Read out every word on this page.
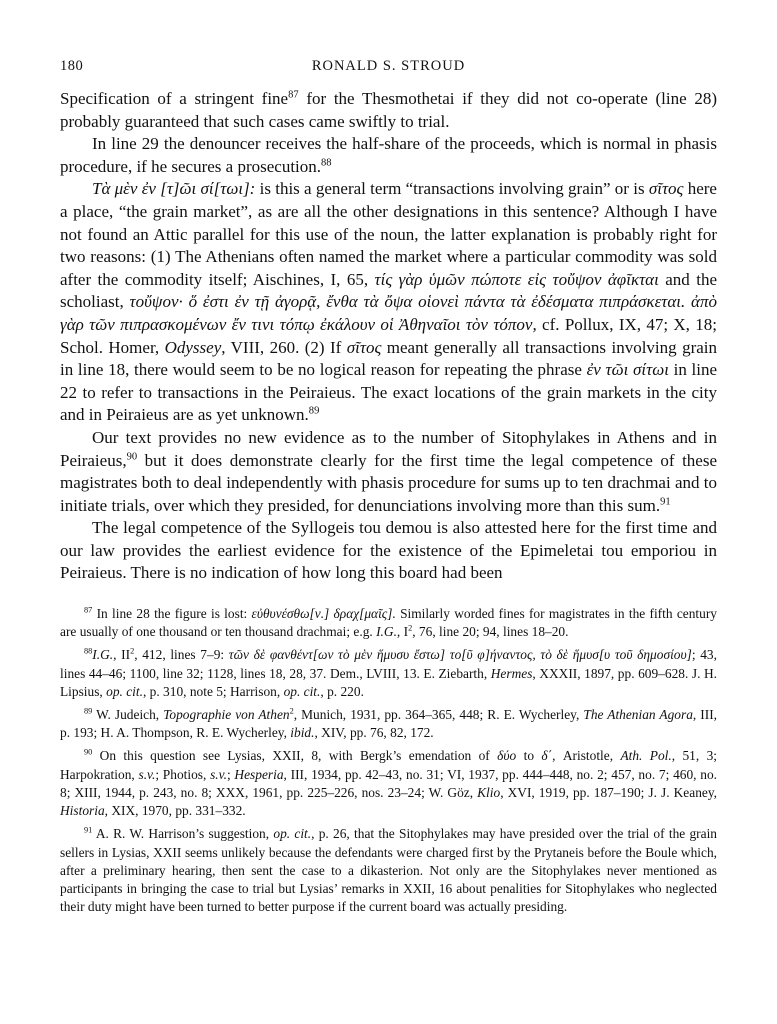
180	RONALD S. STROUD

Specification of a stringent fine$^{87}$ for the Thesmothetai if they did not co-operate (line 28) probably guaranteed that such cases came swiftly to trial.

In line 29 the denouncer receives the half-share of the proceeds, which is normal in phasis procedure, if he secures a prosecution.$^{88}$

Τὰ μὲν ἐν [τ]ῶι σί[τωι]: is this a general term “transactions involving grain” or is σῖτος here a place, “the grain market”, as are all the other designations in this sentence? Although I have not found an Attic parallel for this use of the noun, the latter explanation is probably right for two reasons: (1) The Athenians often named the market where a particular commodity was sold after the commodity itself; Aischines, I, 65, τίς γὰρ ὑμῶν πώποτε εἰς τοὔψον ἀφῖκται and the scholiast, τοὔψον· ὅ ἐστι ἐν τῇ ἀγορᾷ, ἔνθα τὰ ὄψα οἱονεὶ πάντα τὰ ἐδέσματα πιπράσκεται. ἀπὸ γὰρ τῶν πιπρασκομένων ἔν τινι τόπῳ ἐκάλουν οἱ Ἀθηναῖοι τὸν τόπον, cf. Pollux, IX, 47; X, 18; Schol. Homer, Odyssey, VIII, 260. (2) If σῖτος meant generally all transactions involving grain in line 18, there would seem to be no logical reason for repeating the phrase ἐν τῶι σίτωι in line 22 to refer to transactions in the Peiraieus. The exact locations of the grain markets in the city and in Peiraieus are as yet unknown.$^{89}$

Our text provides no new evidence as to the number of Sitophylakes in Athens and in Peiraieus,$^{90}$ but it does demonstrate clearly for the first time the legal competence of these magistrates both to deal independently with phasis procedure for sums up to ten drachmai and to initiate trials, over which they presided, for denunciations involving more than this sum.$^{91}$

The legal competence of the Syllogeis tou demou is also attested here for the first time and our law provides the earliest evidence for the existence of the Epimeletai tou emporiou in Peiraieus. There is no indication of how long this board had been

$^{87}$ In line 28 the figure is lost: εὐθυνέσθω[ν.] δραχ[μαῖς]. Similarly worded fines for magistrates in the fifth century are usually of one thousand or ten thousand drachmai; e.g. I.G., $I^2$, 76, line 20; 94, lines 18–20.

$^{88}$I.G., $II^2$, 412, lines 7–9: τῶν δὲ φανθέντ[ων τὸ μὲν ἥμυσυ ἔστω] το[ῦ φ]ήναντος, τὸ δὲ ἥμυσ[υ τοῦ δημοσίου]; 43, lines 44–46; 1100, line 32; 1128, lines 18, 28, 37. Dem., LVIII, 13. E. Ziebarth, Hermes, XXXII, 1897, pp. 609–628. J. H. Lipsius, op. cit., p. 310, note 5; Harrison, op. cit., p. 220.

$^{89}$ W. Judeich, Topographie von Athen$^2$, Munich, 1931, pp. 364–365, 448; R. E. Wycherley, The Athenian Agora, III, p. 193; H. A. Thompson, R. E. Wycherley, ibid., XIV, pp. 76, 82, 172.

$^{90}$ On this question see Lysias, XXII, 8, with Bergk’s emendation of δύο to δ΄, Aristotle, Ath. Pol., 51, 3; Harpokration, s.v.; Photios, s.v.; Hesperia, III, 1934, pp. 42–43, no. 31; VI, 1937, pp. 444–448, no. 2; 457, no. 7; 460, no. 8; XIII, 1944, p. 243, no. 8; XXX, 1961, pp. 225–226, nos. 23–24; W. Göz, Klio, XVI, 1919, pp. 187–190; J. J. Keaney, Historia, XIX, 1970, pp. 331–332.

$^{91}$ A. R. W. Harrison’s suggestion, op. cit., p. 26, that the Sitophylakes may have presided over the trial of the grain sellers in Lysias, XXII seems unlikely because the defendants were charged first by the Prytaneis before the Boule which, after a preliminary hearing, then sent the case to a dikasterion. Not only are the Sitophylakes never mentioned as participants in bringing the case to trial but Lysias’ remarks in XXII, 16 about penalities for Sitophylakes who neglected their duty might have been turned to better purpose if the current board was actually presiding.
